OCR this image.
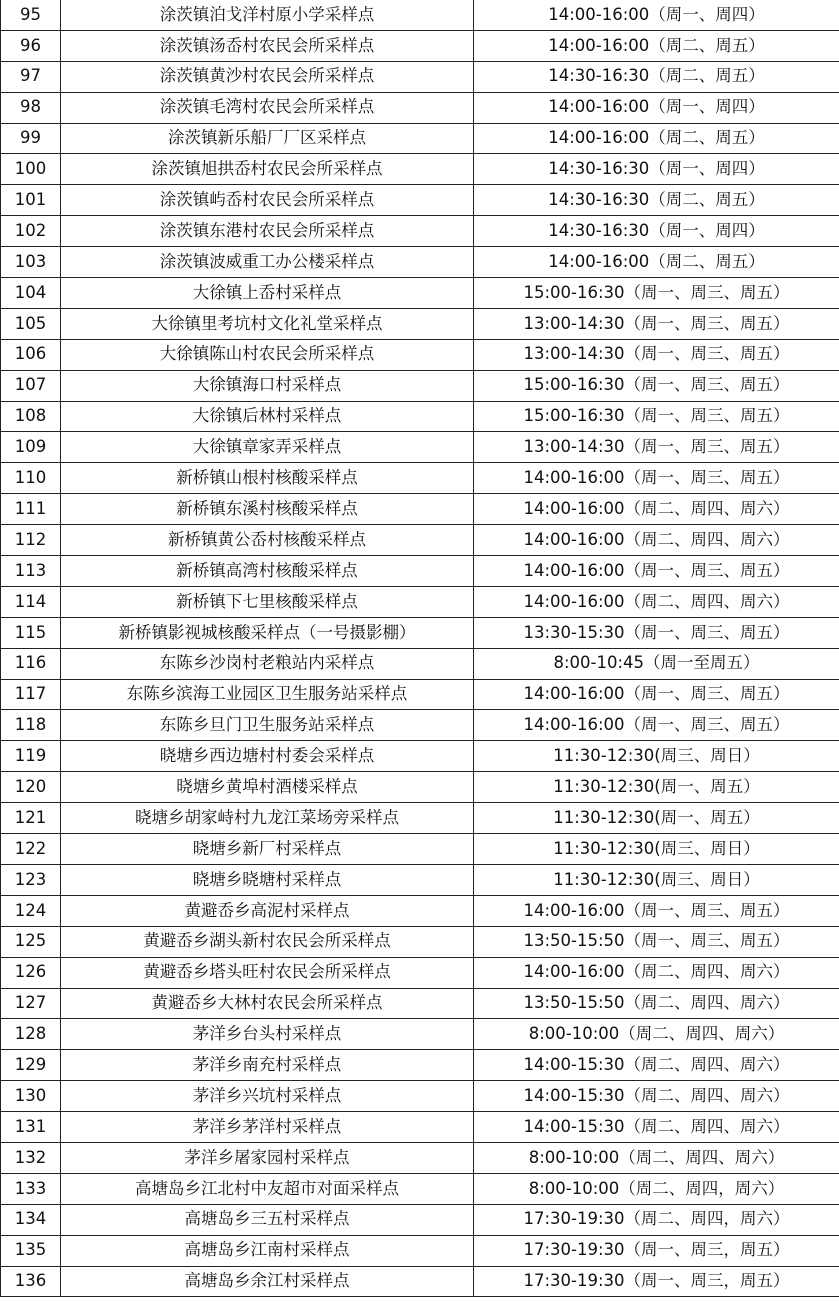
95	涂茨镇泊戈洋村原小学采样点	14:00-16:00（周一、周四）
96	涂茨镇汤岙村农民会所采样点	14:00-16:00（周二、周五）
97	涂茨镇黄沙村农民会所采样点	14:30-16:30（周二、周五）
98	涂茨镇毛湾村农民会所采样点	14:00-16:00（周一、周四）
99	涂茨镇新乐船厂厂区采样点	14:00-16:00（周二、周五）
100	涂茨镇旭拱岙村农民会所采样点	14:30-16:30（周一、周四）
101	涂茨镇屿岙村农民会所采样点	14:30-16:30（周二、周五）
102	涂茨镇东港村农民会所采样点	14:30-16:30（周一、周四）
103	涂茨镇波威重工办公楼采样点	14:00-16:00（周二、周五）
104	大徐镇上岙村采样点	15:00-16:30（周一、周三、周五）
105	大徐镇里考坑村文化礼堂采样点	13:00-14:30（周一、周三、周五）
106	大徐镇陈山村农民会所采样点	13:00-14:30（周一、周三、周五）
107	大徐镇海口村采样点	15:00-16:30（周一、周三、周五）
108	大徐镇后林村采样点	15:00-16:30（周一、周三、周五）
109	大徐镇章家弄采样点	13:00-14:30（周一、周三、周五）
110	新桥镇山根村核酸采样点	14:00-16:00（周一、周三、周五）
111	新桥镇东溪村核酸采样点	14:00-16:00（周二、周四、周六）
112	新桥镇黄公岙村核酸采样点	14:00-16:00（周二、周四、周六）
113	新桥镇高湾村核酸采样点	14:00-16:00（周一、周三、周五）
114	新桥镇下七里核酸采样点	14:00-16:00（周二、周四、周六）
115	新桥镇影视城核酸采样点（一号摄影棚）	13:30-15:30（周一、周三、周五）
116	东陈乡沙岗村老粮站内采样点	8:00-10:45（周一至周五）
117	东陈乡滨海工业园区卫生服务站采样点	14:00-16:00（周一、周三、周五）
118	东陈乡旦门卫生服务站采样点	14:00-16:00（周一、周三、周五）
119	晓塘乡西边塘村村委会采样点	11:30-12:30(周三、周日）
120	晓塘乡黄埠村酒楼采样点	11:30-12:30(周一、周五）
121	晓塘乡胡家峙村九龙江菜场旁采样点	11:30-12:30(周一、周五）
122	晓塘乡新厂村采样点	11:30-12:30(周三、周日）
123	晓塘乡晓塘村采样点	11:30-12:30(周三、周日）
124	黄避岙乡高泥村采样点	14:00-16:00（周一、周三、周五）
125	黄避岙乡湖头新村农民会所采样点	13:50-15:50（周一、周三、周五）
126	黄避岙乡塔头旺村农民会所采样点	14:00-16:00（周二、周四、周六）
127	黄避岙乡大林村农民会所采样点	13:50-15:50（周二、周四、周六）
128	茅洋乡台头村采样点	8:00-10:00（周二、周四、周六）
129	茅洋乡南充村采样点	14:00-15:30（周二、周四、周六）
130	茅洋乡兴坑村采样点	14:00-15:30（周二、周四、周六）
131	茅洋乡茅洋村采样点	14:00-15:30（周二、周四、周六）
132	茅洋乡屠家园村采样点	8:00-10:00（周二、周四、周六）
133	高塘岛乡江北村中友超市对面采样点	8:00-10:00（周二、周四，周六）
134	高塘岛乡三五村采样点	17:30-19:30（周二、周四，周六）
135	高塘岛乡江南村采样点	17:30-19:30（周一、周三，周五）
136	高塘岛乡余江村采样点	17:30-19:30（周一、周三，周五）
